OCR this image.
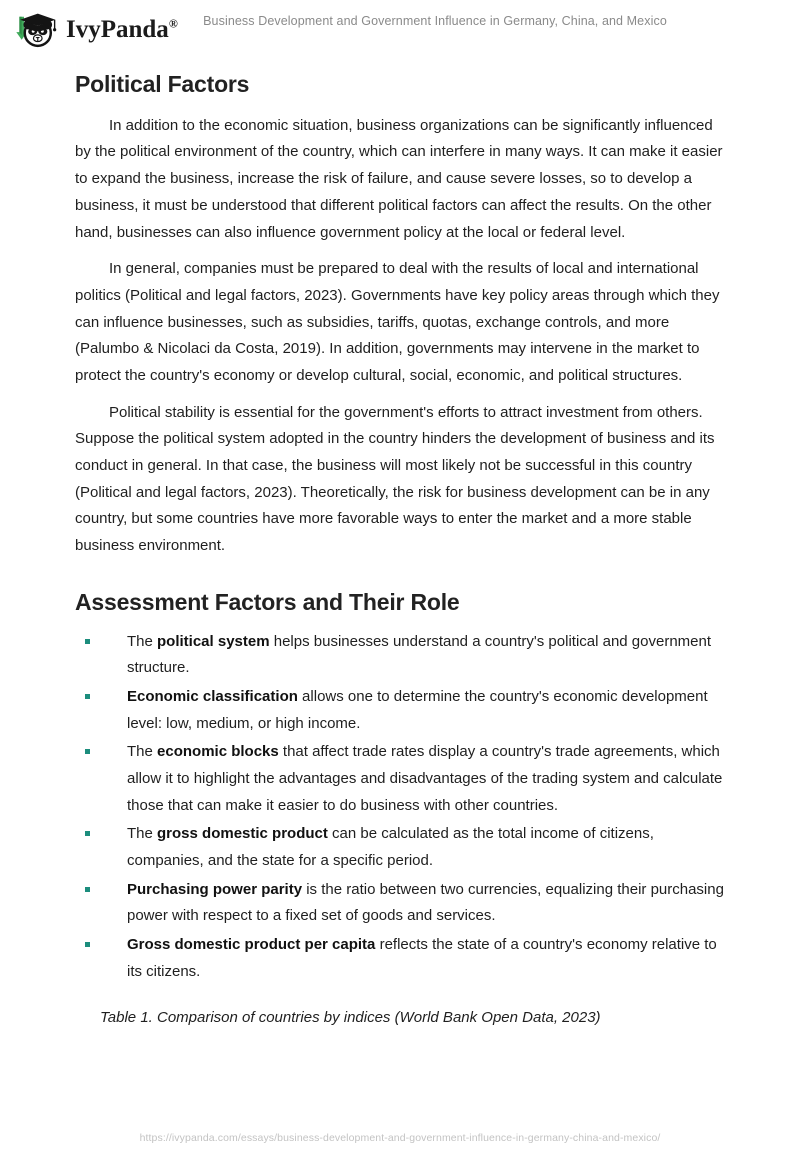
IvyPanda®	Business Development and Government Influence in Germany, China, and Mexico
Political Factors

In addition to the economic situation, business organizations can be significantly influenced by the political environment of the country, which can interfere in many ways. It can make it easier to expand the business, increase the risk of failure, and cause severe losses, so to develop a business, it must be understood that different political factors can affect the results. On the other hand, businesses can also influence government policy at the local or federal level.

In general, companies must be prepared to deal with the results of local and international politics (Political and legal factors, 2023). Governments have key policy areas through which they can influence businesses, such as subsidies, tariffs, quotas, exchange controls, and more (Palumbo & Nicolaci da Costa, 2019). In addition, governments may intervene in the market to protect the country's economy or develop cultural, social, economic, and political structures.

Political stability is essential for the government's efforts to attract investment from others. Suppose the political system adopted in the country hinders the development of business and its conduct in general. In that case, the business will most likely not be successful in this country (Political and legal factors, 2023). Theoretically, the risk for business development can be in any country, but some countries have more favorable ways to enter the market and a more stable business environment.

Assessment Factors and Their Role
The political system helps businesses understand a country's political and government structure.
Economic classification allows one to determine the country's economic development level: low, medium, or high income.
The economic blocks that affect trade rates display a country's trade agreements, which allow it to highlight the advantages and disadvantages of the trading system and calculate those that can make it easier to do business with other countries.
The gross domestic product can be calculated as the total income of citizens, companies, and the state for a specific period.
Purchasing power parity is the ratio between two currencies, equalizing their purchasing power with respect to a fixed set of goods and services.
Gross domestic product per capita reflects the state of a country's economy relative to its citizens.

Table 1. Comparison of countries by indices (World Bank Open Data, 2023)

https://ivypanda.com/essays/business-development-and-government-influence-in-germany-china-and-mexico/
